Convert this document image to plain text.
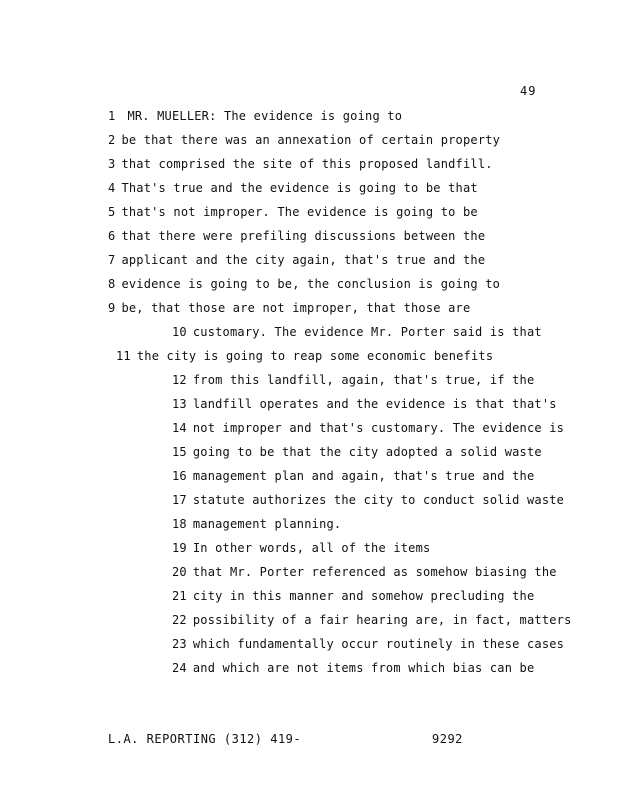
49
1 MR. MUELLER: The evidence is going to
2 be that there was an annexation of certain property
3 that comprised the site of this proposed landfill.
4 That's true and the evidence is going to be that
5 that's not improper. The evidence is going to be
6 that there were prefiling discussions between the
7 applicant and the city again, that's true and the
8 evidence is going to be, the conclusion is going to
9 be, that those are not improper, that those are
10 customary. The evidence Mr. Porter said is that
11 the city is going to reap some economic benefits
12 from this landfill, again, that's true, if the
13 landfill operates and the evidence is that that's
14 not improper and that's customary. The evidence is
15 going to be that the city adopted a solid waste
16 management plan and again, that's true and the
17 statute authorizes the city to conduct solid waste
18 management planning.
19 In other words, all of the items
20 that Mr. Porter referenced as somehow biasing the
21 city in this manner and somehow precluding the
22 possibility of a fair hearing are, in fact, matters
23 which fundamentally occur routinely in these cases
24 and which are not items from which bias can be
L.A. REPORTING (312) 419-	9292
